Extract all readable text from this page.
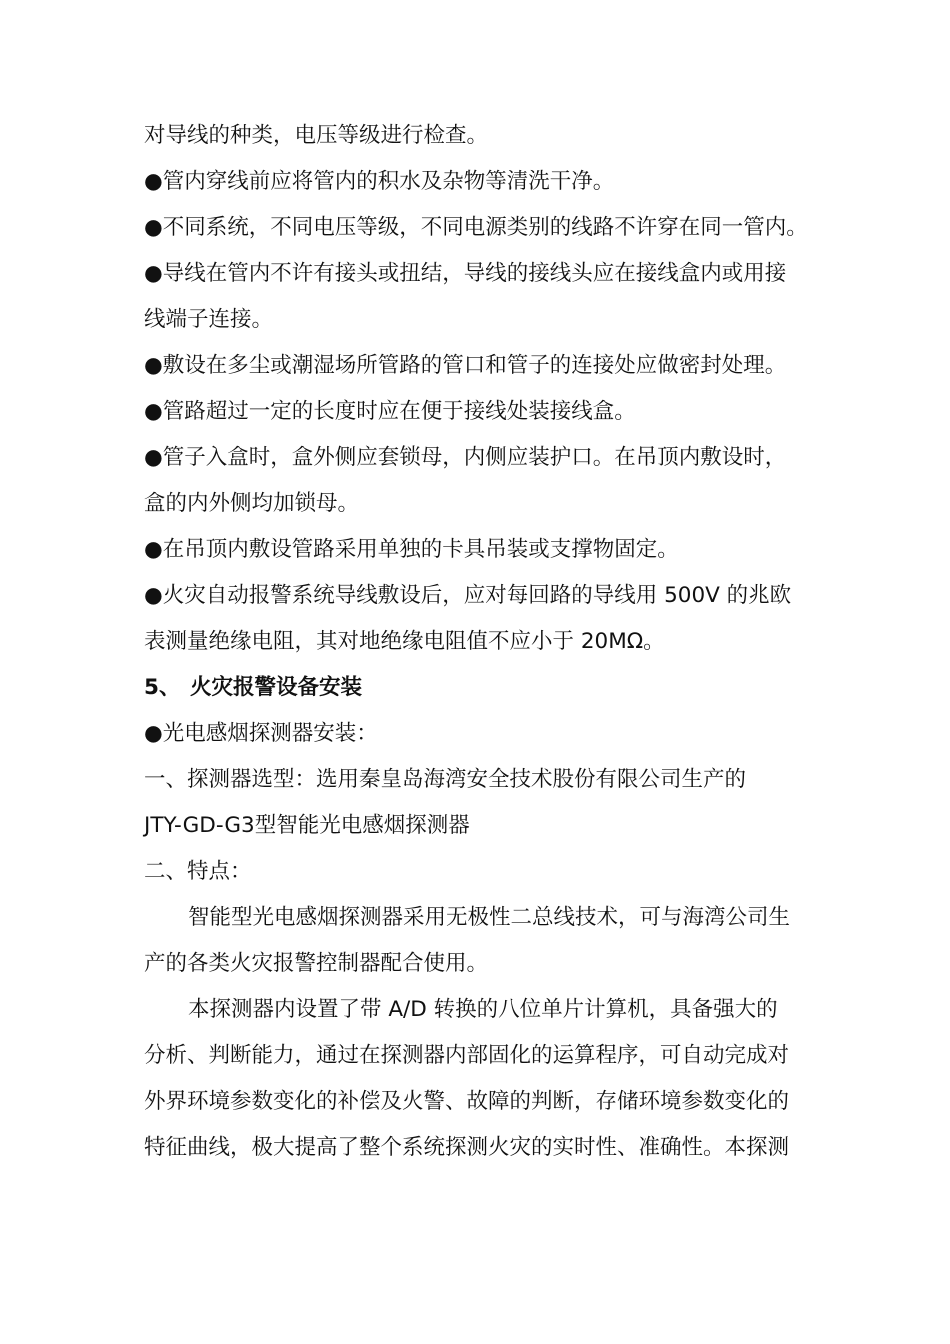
对导线的种类，电压等级进行检查。
●管内穿线前应将管内的积水及杂物等清洗干净。
●不同系统，不同电压等级，不同电源类别的线路不许穿在同一管内。
●导线在管内不许有接头或扭结，导线的接线头应在接线盒内或用接
线端子连接。
●敷设在多尘或潮湿场所管路的管口和管子的连接处应做密封处理。
●管路超过一定的长度时应在便于接线处装接线盒。
●管子入盒时，盒外侧应套锁母，内侧应装护口。在吊顶内敷设时，
盒的内外侧均加锁母。
●在吊顶内敷设管路采用单独的卡具吊装或支撑物固定。
●火灾自动报警系统导线敷设后，应对每回路的导线用 500V 的兆欧
表测量绝缘电阻，其对地绝缘电阻值不应小于 20MΩ。
5、 火灾报警设备安装
●光电感烟探测器安装：
一、探测器选型：选用秦皇岛海湾安全技术股份有限公司生产的
JTY-GD-G3型智能光电感烟探测器
二、特点：
智能型光电感烟探测器采用无极性二总线技术，可与海湾公司生
产的各类火灾报警控制器配合使用。
本探测器内设置了带 A/D 转换的八位单片计算机，具备强大的
分析、判断能力，通过在探测器内部固化的运算程序，可自动完成对
外界环境参数变化的补偿及火警、故障的判断，存储环境参数变化的
特征曲线，极大提高了整个系统探测火灾的实时性、准确性。本探测
